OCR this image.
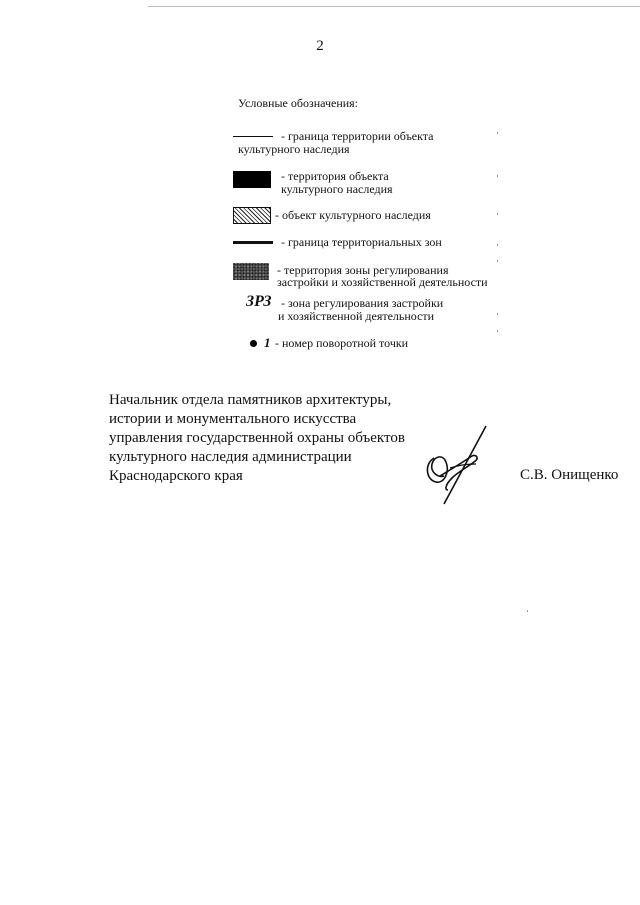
2
Условные обозначения:
- граница территории объекта
культурного наследия
- территория объекта
культурного наследия
- объект культурного наследия
- граница территориальных зон
- территория зоны регулирования
застройки и хозяйственной деятельности
ЗРЗ - зона регулирования застройки
и хозяйственной деятельности
1 - номер поворотной точки
Начальник отдела памятников архитектуры,
истории и монументального искусства
управления государственной охраны объектов
культурного наследия администрации
Краснодарского края	С.В. Онищенко
